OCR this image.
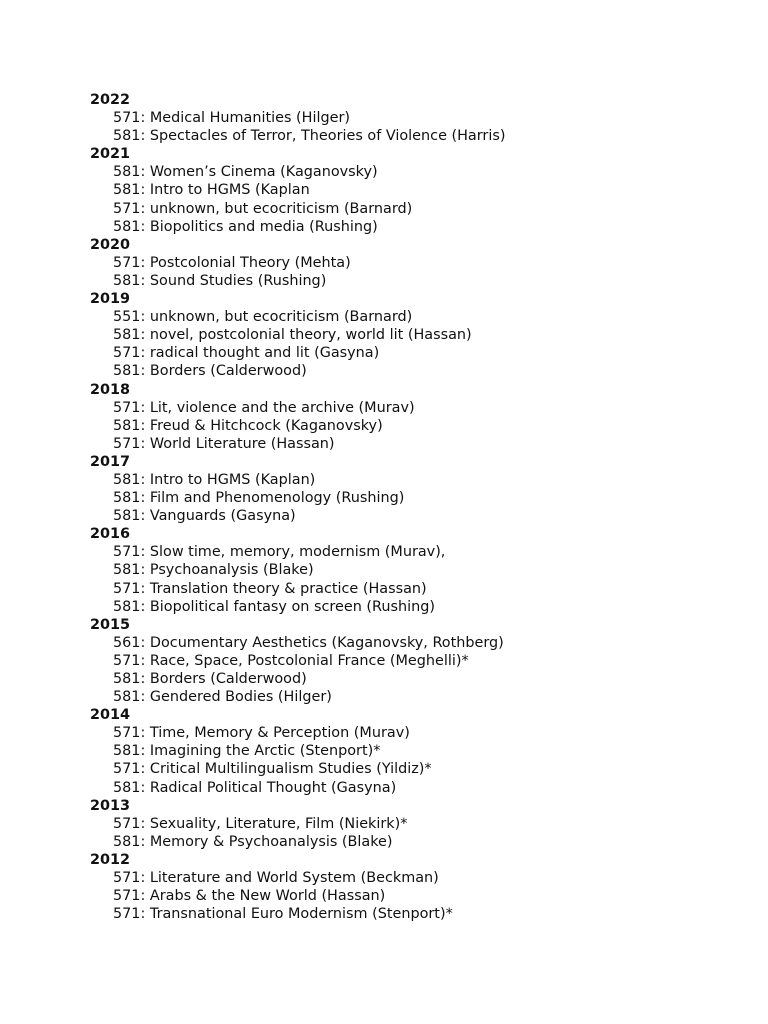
2022
571: Medical Humanities (Hilger)
581: Spectacles of Terror, Theories of Violence (Harris)
2021
581: Women’s Cinema (Kaganovsky)
581: Intro to HGMS (Kaplan
571: unknown, but ecocriticism (Barnard)
581: Biopolitics and media (Rushing)
2020
571: Postcolonial Theory (Mehta)
581: Sound Studies (Rushing)
2019
551: unknown, but ecocriticism (Barnard)
581: novel, postcolonial theory, world lit (Hassan)
571: radical thought and lit (Gasyna)
581: Borders (Calderwood)
2018
571: Lit, violence and the archive (Murav)
581: Freud & Hitchcock (Kaganovsky)
571: World Literature (Hassan)
2017
581: Intro to HGMS (Kaplan)
581: Film and Phenomenology (Rushing)
581: Vanguards (Gasyna)
2016
571: Slow time, memory, modernism (Murav),
581: Psychoanalysis (Blake)
571: Translation theory & practice (Hassan)
581: Biopolitical fantasy on screen (Rushing)
2015
561: Documentary Aesthetics (Kaganovsky, Rothberg)
571: Race, Space, Postcolonial France (Meghelli)*
581: Borders (Calderwood)
581: Gendered Bodies (Hilger)
2014
571: Time, Memory & Perception (Murav)
581: Imagining the Arctic (Stenport)*
571: Critical Multilingualism Studies (Yildiz)*
581: Radical Political Thought (Gasyna)
2013
571: Sexuality, Literature, Film (Niekirk)*
581: Memory & Psychoanalysis (Blake)
2012
571: Literature and World System (Beckman)
571: Arabs & the New World (Hassan)
571: Transnational Euro Modernism (Stenport)*
